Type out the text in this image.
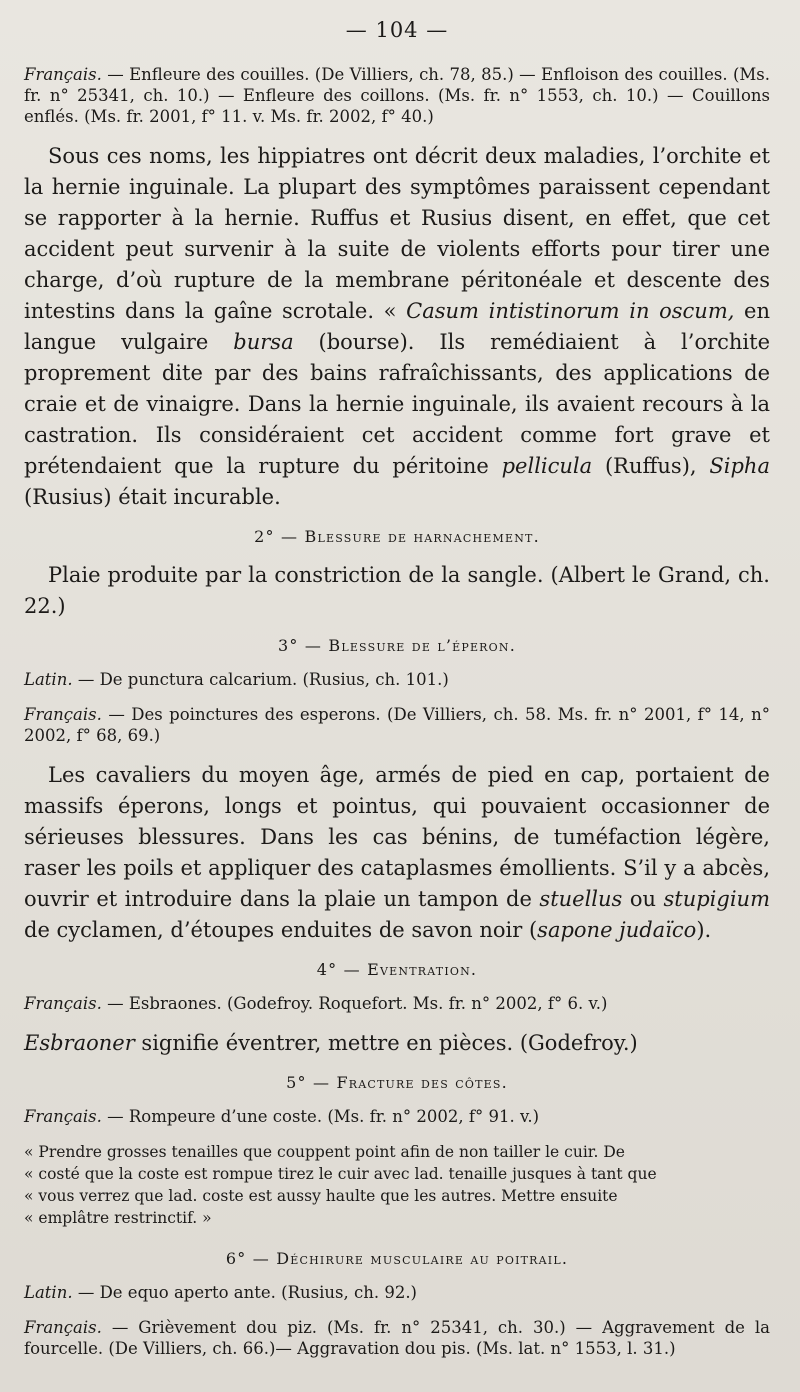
— 104 —

Français. — Enfleure des couilles. (De Villiers, ch. 78, 85.) — Enfloison des couilles. (Ms. fr. n° 25341, ch. 10.) — Enfleure des coillons. (Ms. fr. n° 1553, ch. 10.) — Couillons enflés. (Ms. fr. 2001, f° 11. v. Ms. fr. 2002, f° 40.)

Sous ces noms, les hippiatres ont décrit deux maladies, l’orchite et la hernie inguinale. La plupart des symptômes paraissent cependant se rapporter à la hernie. Ruffus et Rusius disent, en effet, que cet accident peut survenir à la suite de violents efforts pour tirer une charge, d’où rupture de la membrane péritonéale et descente des intestins dans la gaîne scrotale. « Casum intistinorum in oscum, en langue vulgaire bursa (bourse). Ils remédiaient à l’orchite proprement dite par des bains rafraîchissants, des applications de craie et de vinaigre. Dans la hernie inguinale, ils avaient recours à la castration. Ils considéraient cet accident comme fort grave et prétendaient que la rupture du péritoine pellicula (Ruffus), Sipha (Rusius) était incurable.

2° — Blessure de harnachement.

Plaie produite par la constriction de la sangle. (Albert le Grand, ch. 22.)

3° — Blessure de l’éperon.

Latin. — De punctura calcarium. (Rusius, ch. 101.)

Français. — Des poinctures des esperons. (De Villiers, ch. 58. Ms. fr. n° 2001, f° 14, n° 2002, f° 68, 69.)

Les cavaliers du moyen âge, armés de pied en cap, portaient de massifs éperons, longs et pointus, qui pouvaient occasionner de sérieuses blessures. Dans les cas bénins, de tuméfaction légère, raser les poils et appliquer des cataplasmes émollients. S’il y a abcès, ouvrir et introduire dans la plaie un tampon de stuellus ou stupigium de cyclamen, d’étoupes enduites de savon noir (sapone judaïco).

4° — Eventration.

Français. — Esbraones. (Godefroy. Roquefort. Ms. fr. n° 2002, f° 6. v.)

Esbraoner signifie éventrer, mettre en pièces. (Godefroy.)

5° — Fracture des côtes.

Français. — Rompeure d’une coste. (Ms. fr. n° 2002, f° 91. v.)

« Prendre grosses tenailles que couppent point afin de non tailler le cuir. De
« costé que la coste est rompue tirez le cuir avec lad. tenaille jusques à tant que
« vous verrez que lad. coste est aussy haulte que les autres. Mettre ensuite
« emplâtre restrinctif. »
6° — Déchirure musculaire au poitrail.

Latin. — De equo aperto ante. (Rusius, ch. 92.)

Français. — Grièvement dou piz. (Ms. fr. n° 25341, ch. 30.) — Aggravement de la fourcelle. (De Villiers, ch. 66.)— Aggravation dou pis. (Ms. lat. n° 1553, l. 31.)
